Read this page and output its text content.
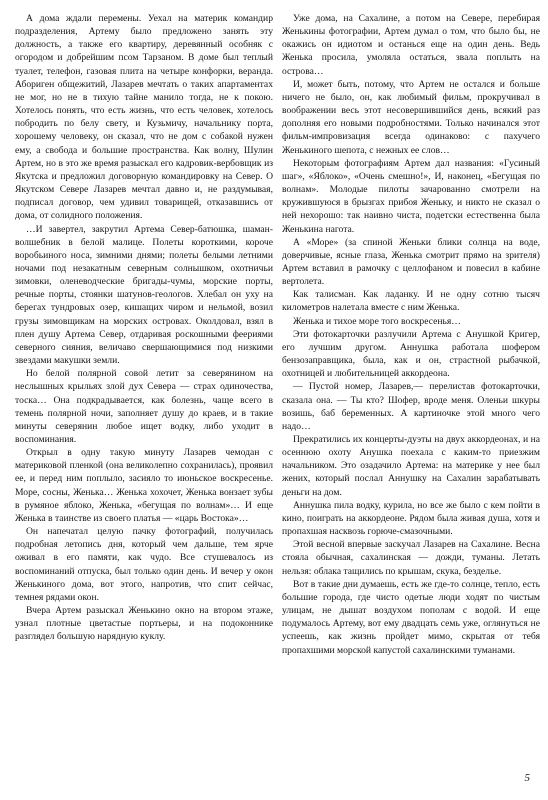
А дома ждали перемены. Уехал на материк командир подразделения, Артему было предложено занять эту должность, а также его квартиру, деревянный особняк с огородом и добрейшим псом Тарзаном. В доме был теплый туалет, телефон, газовая плита на четыре конфорки, веранда. Абориген общежитий, Лазарев мечтать о таких апартаментах не мог, но не в тихую тайне манило тогда, не к покою. Хотелось понять, что есть жизнь, что есть человек, хотелось побродить по белу свету, и Кузьмичу, начальнику порта, хорошему человеку, он сказал, что не дом с собакой нужен ему, а свобода и большие пространства. Как волну, Шулин Артем, но в это же время разыскал его кадровик-вербовщик из Якутска и предложил договорную командировку на Север. О Якутском Севере Лазарев мечтал давно и, не раздумывая, подписал договор, чем удивил товарищей, отказавшись от дома, от солидного положения.

…И завертел, закрутил Артема Север-батюшка, шаман-волшебник в белой малице. Полеты короткими, короче воробьиного носа, зимними днями; полеты белыми летними ночами под незакатным северным солнышком, охотничьи зимовки, оленеводческие бригады-чумы, морские порты, речные порты, стоянки шатунов-геологов. Хлебал он уху на берегах тундровых озер, кишащих чиром и нельмой, возил грузы зимовщикам на морских островах. Околдовал, взял в плен душу Артема Север, отдаривая роскошными феериями северного сияния, величаво свершающимися под низкими звездами макушки земли.

Но белой полярной совой летит за северянином на неслышных крыльях злой дух Севера — страх одиночества, тоска… Она подкрадывается, как болезнь, чаще всего в темень полярной ночи, заполняет душу до краев, и в такие минуты северянин любое ищет водку, либо уходит в воспоминания.

Открыл в одну такую минуту Лазарев чемодан с материковой пленкой (она великолепно сохранилась), проявил ее, и перед ним поплыло, засияло то июньское воскресенье. Море, сосны, Женька… Женька хохочет, Женька вонзает зубы в румяное яблоко, Женька, «бегущая по волнам»… И еще Женька в таинстве из своего платья — «царь Востока»…

Он напечатал целую пачку фотографий, получилась подробная летопись дня, который чем дальше, тем ярче оживал в его памяти, как чудо. Все стушевалось из воспоминаний отпуска, был только один день. И вечер у окон Женькиного дома, вот этого, напротив, что спит сейчас, темнея рядами окон.

Вчера Артем разыскал Женькино окно на втором этаже, узнал плотные цветастые портьеры, и на подоконнике разглядел большую нарядную куклу.

Уже дома, на Сахалине, а потом на Севере, перебирая Женькины фотографии, Артем думал о том, что было бы, не окажись он идиотом и останься еще на один день. Ведь Женька просила, умоляла остаться, звала поплыть на острова…

И, может быть, потому, что Артем не остался и больше ничего не было, он, как любимый фильм, прокручивал в воображении весь этот несовершившийся день, всякий раз дополняя его новыми подробностями. Только начинался этот фильм-импровизация всегда одинаково: с пахучего Женькиного шепота, с нежных ее слов…

Некоторым фотографиям Артем дал названия: «Гусиный шаг», «Яблоко», «Очень смешно!», И, наконец, «Бегущая по волнам». Молодые пилоты зачарованно смотрели на кружившуюся в брызгах прибоя Женьку, и никто не сказал о ней нехорошо: так наивно чиста, подетски естественна была Женькина нагота.

А «Море» (за спиной Женьки блики солнца на воде, доверчивые, ясные глаза, Женька смотрит прямо на зрителя) Артем вставил в рамочку с целлофаном и повесил в кабине вертолета.

Как талисман. Как ладанку. И не одну сотню тысяч километров налетала вместе с ним Женька.

Женька и тихое море того воскресенья…

Эти фотокарточки разлучили Артема с Анушкой Кригер, его лучшим другом. Аннушка работала шофером бензозаправщика, была, как и он, страстной рыбачкой, охотницей и любительницей аккордеона.

— Пустой номер, Лазарев,— перелистав фотокарточки, сказала она. — Ты кто? Шофер, вроде меня. Оленьи шкуры возишь, баб беременных. А картиночке этой много чего надо…

Прекратились их концерты-дуэты на двух аккордеонах, и на осеннюю охоту Анушка поехала с каким-то приезжим начальником. Это озадачило Артема: на материке у нее был жених, который послал Аннушку на Сахалин зарабатывать деньги на дом.

Аннушка пила водку, курила, но все же было с кем пойти в кино, поиграть на аккордеоне. Рядом была живая душа, хотя и пропахшая насквозь горюче-смазочными.

Этой весной впервые заскучал Лазарев на Сахалине. Весна стояла обычная, сахалинская — дожди, туманы. Летать нельзя: облака тащились по крышам, скука, безделье.

Вот в такие дни думаешь, есть же где-то солнце, тепло, есть большие города, где чисто одетые люди ходят по чистым улицам, не дышат воздухом пополам с водой. И еще подумалось Артему, вот ему двадцать семь уже, оглянуться не успеешь, как жизнь пройдет мимо, скрытая от тебя пропахшими морской капустой сахалинскими туманами.

5
